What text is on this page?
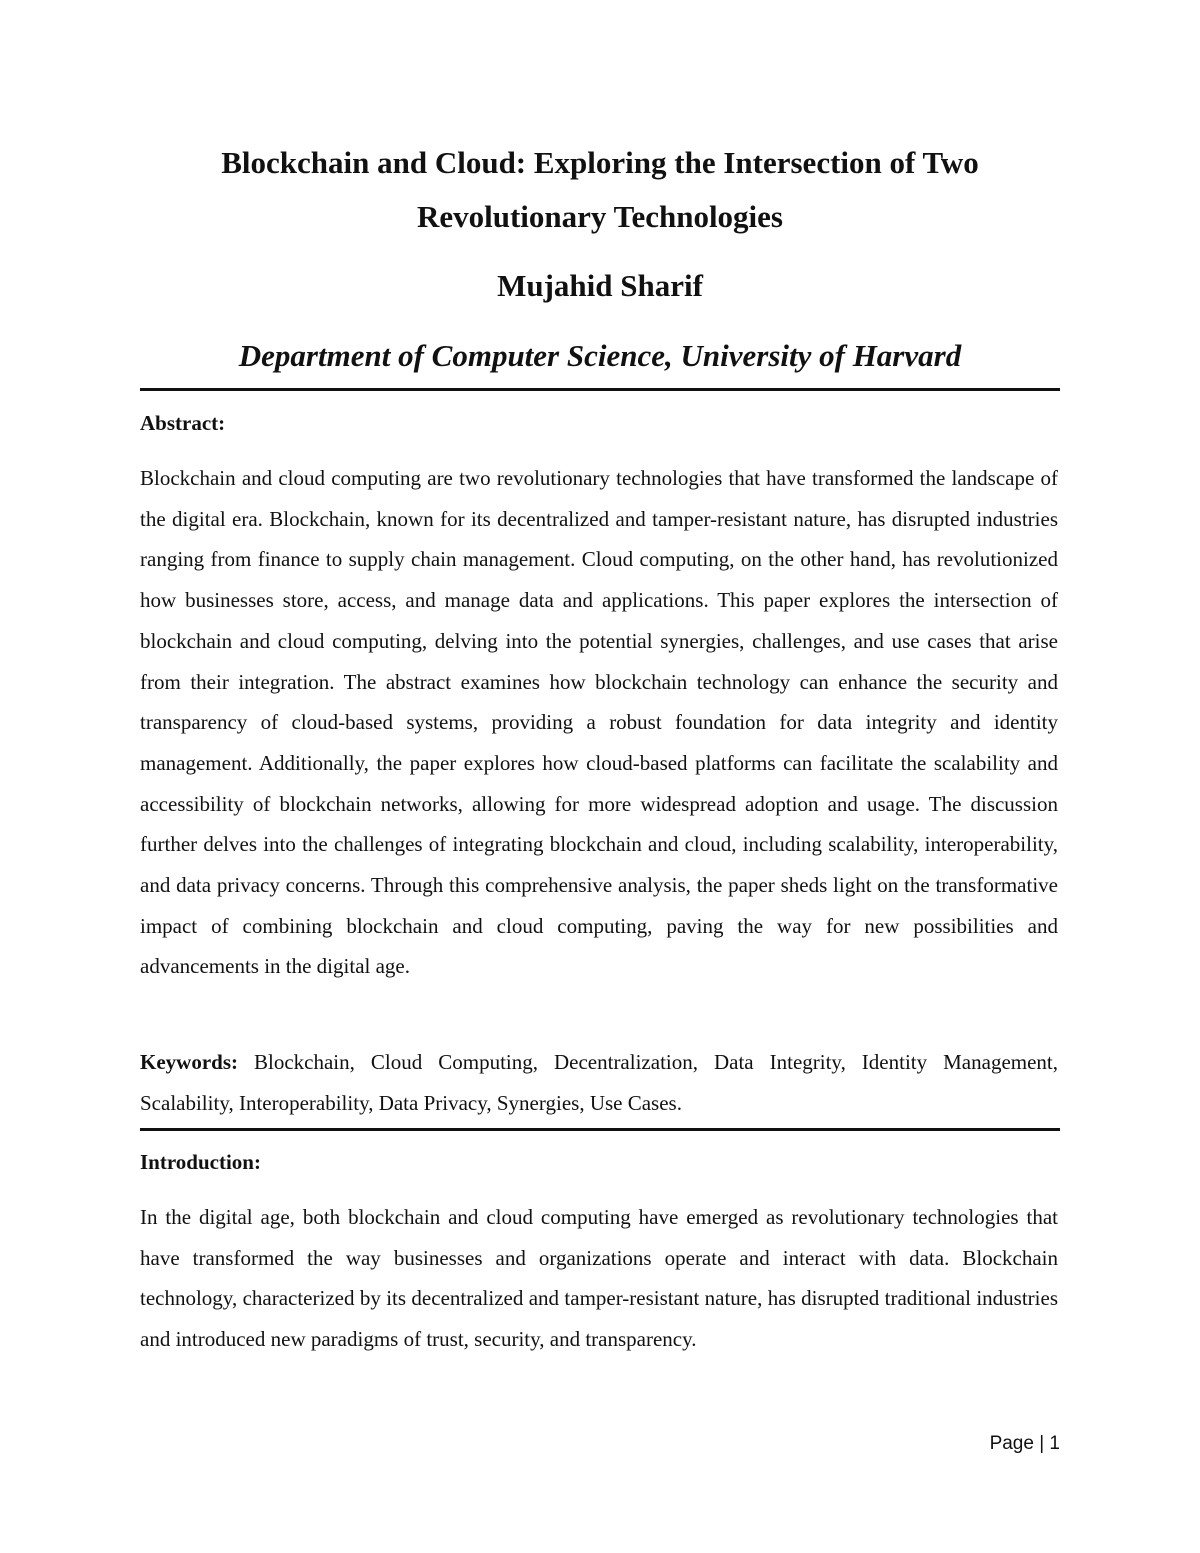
Blockchain and Cloud: Exploring the Intersection of Two Revolutionary Technologies

Mujahid Sharif

Department of Computer Science, University of Harvard

Abstract:

Blockchain and cloud computing are two revolutionary technologies that have transformed the landscape of the digital era. Blockchain, known for its decentralized and tamper-resistant nature, has disrupted industries ranging from finance to supply chain management. Cloud computing, on the other hand, has revolutionized how businesses store, access, and manage data and applications. This paper explores the intersection of blockchain and cloud computing, delving into the potential synergies, challenges, and use cases that arise from their integration. The abstract examines how blockchain technology can enhance the security and transparency of cloud-based systems, providing a robust foundation for data integrity and identity management. Additionally, the paper explores how cloud-based platforms can facilitate the scalability and accessibility of blockchain networks, allowing for more widespread adoption and usage. The discussion further delves into the challenges of integrating blockchain and cloud, including scalability, interoperability, and data privacy concerns. Through this comprehensive analysis, the paper sheds light on the transformative impact of combining blockchain and cloud computing, paving the way for new possibilities and advancements in the digital age.

Keywords: Blockchain, Cloud Computing, Decentralization, Data Integrity, Identity Management, Scalability, Interoperability, Data Privacy, Synergies, Use Cases.

Introduction:

In the digital age, both blockchain and cloud computing have emerged as revolutionary technologies that have transformed the way businesses and organizations operate and interact with data. Blockchain technology, characterized by its decentralized and tamper-resistant nature, has disrupted traditional industries and introduced new paradigms of trust, security, and transparency.

Page | 1
